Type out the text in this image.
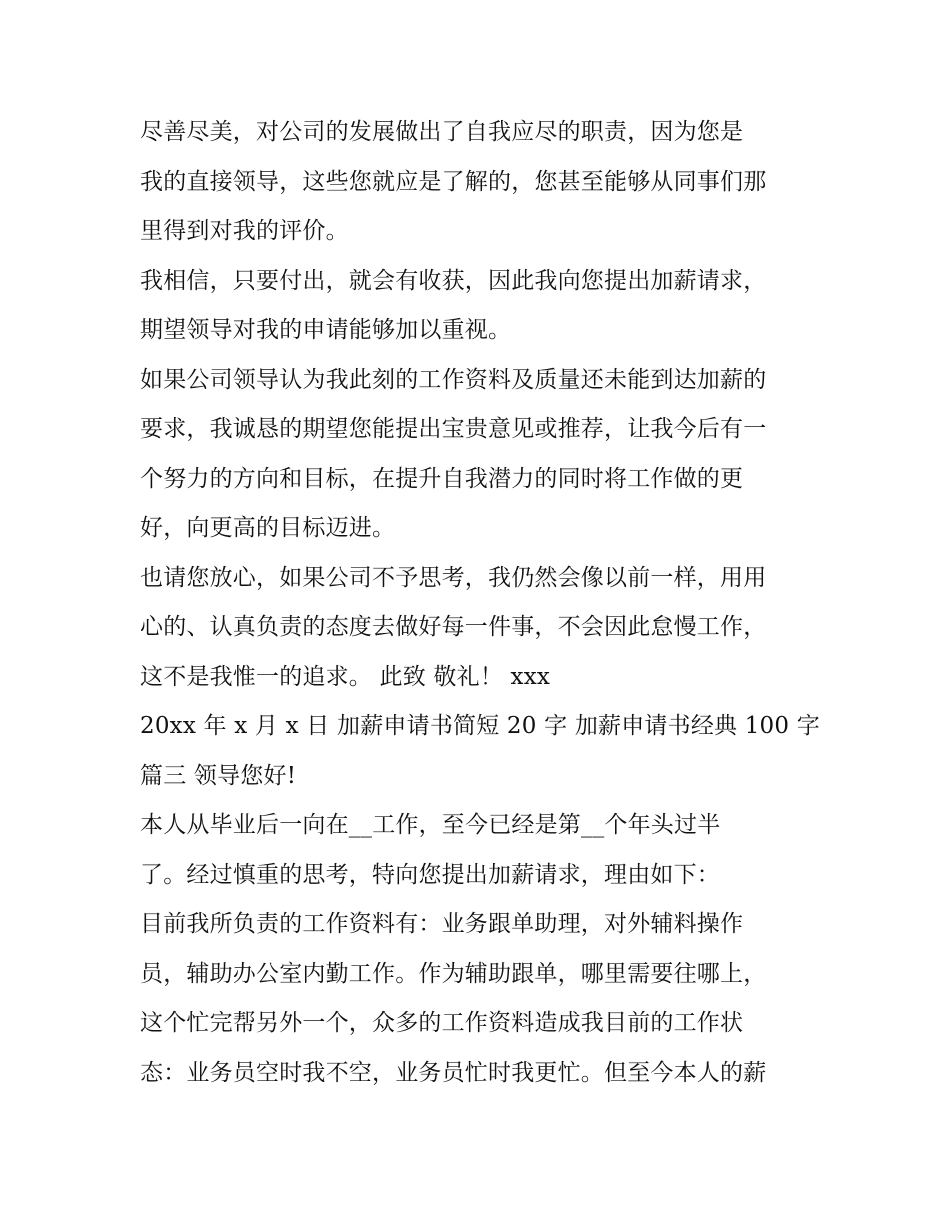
尽善尽美，对公司的发展做出了自我应尽的职责，因为您是
我的直接领导，这些您就应是了解的，您甚至能够从同事们那
里得到对我的评价。
我相信，只要付出，就会有收获，因此我向您提出加薪请求，
期望领导对我的申请能够加以重视。
如果公司领导认为我此刻的工作资料及质量还未能到达加薪的
要求，我诚恳的期望您能提出宝贵意见或推荐，让我今后有一
个努力的方向和目标，在提升自我潜力的同时将工作做的更
好，向更高的目标迈进。
也请您放心，如果公司不予思考，我仍然会像以前一样，用用
心的、认真负责的态度去做好每一件事，不会因此怠慢工作，
这不是我惟一的追求。 此致 敬礼！ xxx
20xx 年 x 月 x 日 加薪申请书简短 20 字 加薪申请书经典 100 字
篇三 领导您好!
本人从毕业后一向在__工作，至今已经是第__个年头过半
了。经过慎重的思考，特向您提出加薪请求，理由如下：
目前我所负责的工作资料有：业务跟单助理，对外辅料操作
员，辅助办公室内勤工作。作为辅助跟单，哪里需要往哪上，
这个忙完帮另外一个，众多的工作资料造成我目前的工作状
态：业务员空时我不空，业务员忙时我更忙。但至今本人的薪
